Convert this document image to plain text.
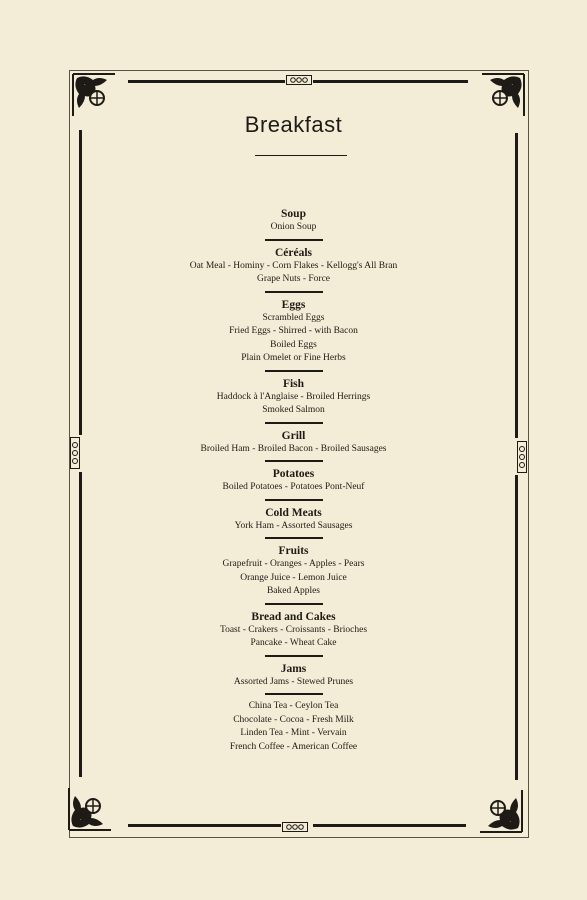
Breakfast
Soup
Onion Soup
Céréals
Oat Meal - Hominy - Corn Flakes - Kellogg's All Bran
Grape Nuts - Force
Eggs
Scrambled Eggs
Fried Eggs - Shirred - with Bacon
Boiled Eggs
Plain Omelet or Fine Herbs
Fish
Haddock à l'Anglaise - Broiled Herrings
Smoked Salmon
Grill
Broiled Ham - Broiled Bacon - Broiled Sausages
Potatoes
Boiled Potatoes - Potatoes Pont-Neuf
Cold Meats
York Ham - Assorted Sausages
Fruits
Grapefruit - Oranges - Apples - Pears
Orange Juice - Lemon Juice
Baked Apples
Bread and Cakes
Toast - Crakers - Croissants - Brioches
Pancake - Wheat Cake
Jams
Assorted Jams - Stewed Prunes
China Tea - Ceylon Tea
Chocolate - Cocoa - Fresh Milk
Linden Tea - Mint - Vervain
French Coffee - American Coffee
